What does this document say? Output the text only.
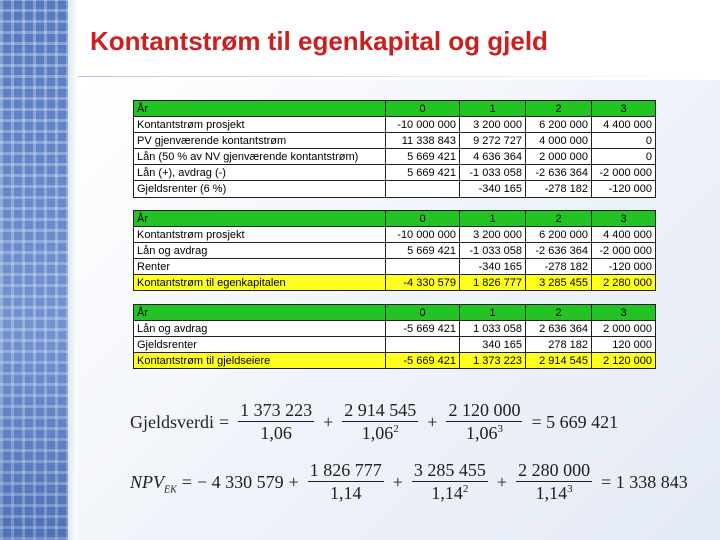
Kontantstrøm til egenkapital og gjeld
År	0	1	2	3
Kontantstrøm prosjekt	-10 000 000	3 200 000	6 200 000	4 400 000
PV gjenværende kontantstrøm	11 338 843	9 272 727	4 000 000	0
Lån (50 % av NV gjenværende kontantstrøm)	5 669 421	4 636 364	2 000 000	0
Lån (+), avdrag (-)	5 669 421	-1 033 058	-2 636 364	-2 000 000
Gjeldsrenter (6 %)		-340 165	-278 182	-120 000
År	0	1	2	3
Kontantstrøm prosjekt	-10 000 000	3 200 000	6 200 000	4 400 000
Lån og avdrag	5 669 421	-1 033 058	-2 636 364	-2 000 000
Renter		-340 165	-278 182	-120 000
Kontantstrøm til egenkapitalen	-4 330 579	1 826 777	3 285 455	2 280 000
År	0	1	2	3
Lån og avdrag	-5 669 421	1 033 058	2 636 364	2 000 000
Gjeldsrenter		340 165	278 182	120 000
Kontantstrøm til gjeldseiere	-5 669 421	1 373 223	2 914 545	2 120 000
Gjeldsverdi = $\frac{1 373 223}{1,06} + \frac{2 914 545}{1,06^2} + \frac{2 120 000}{1,06^3} = 5$ 669 421
$NPV_{EK}$ = − 4 330 $579 + \frac{1 826 777}{1,14} + \frac{3 285 455}{1,14^2} + \frac{2 280 000}{1,14^3} = 1$ 338 843
